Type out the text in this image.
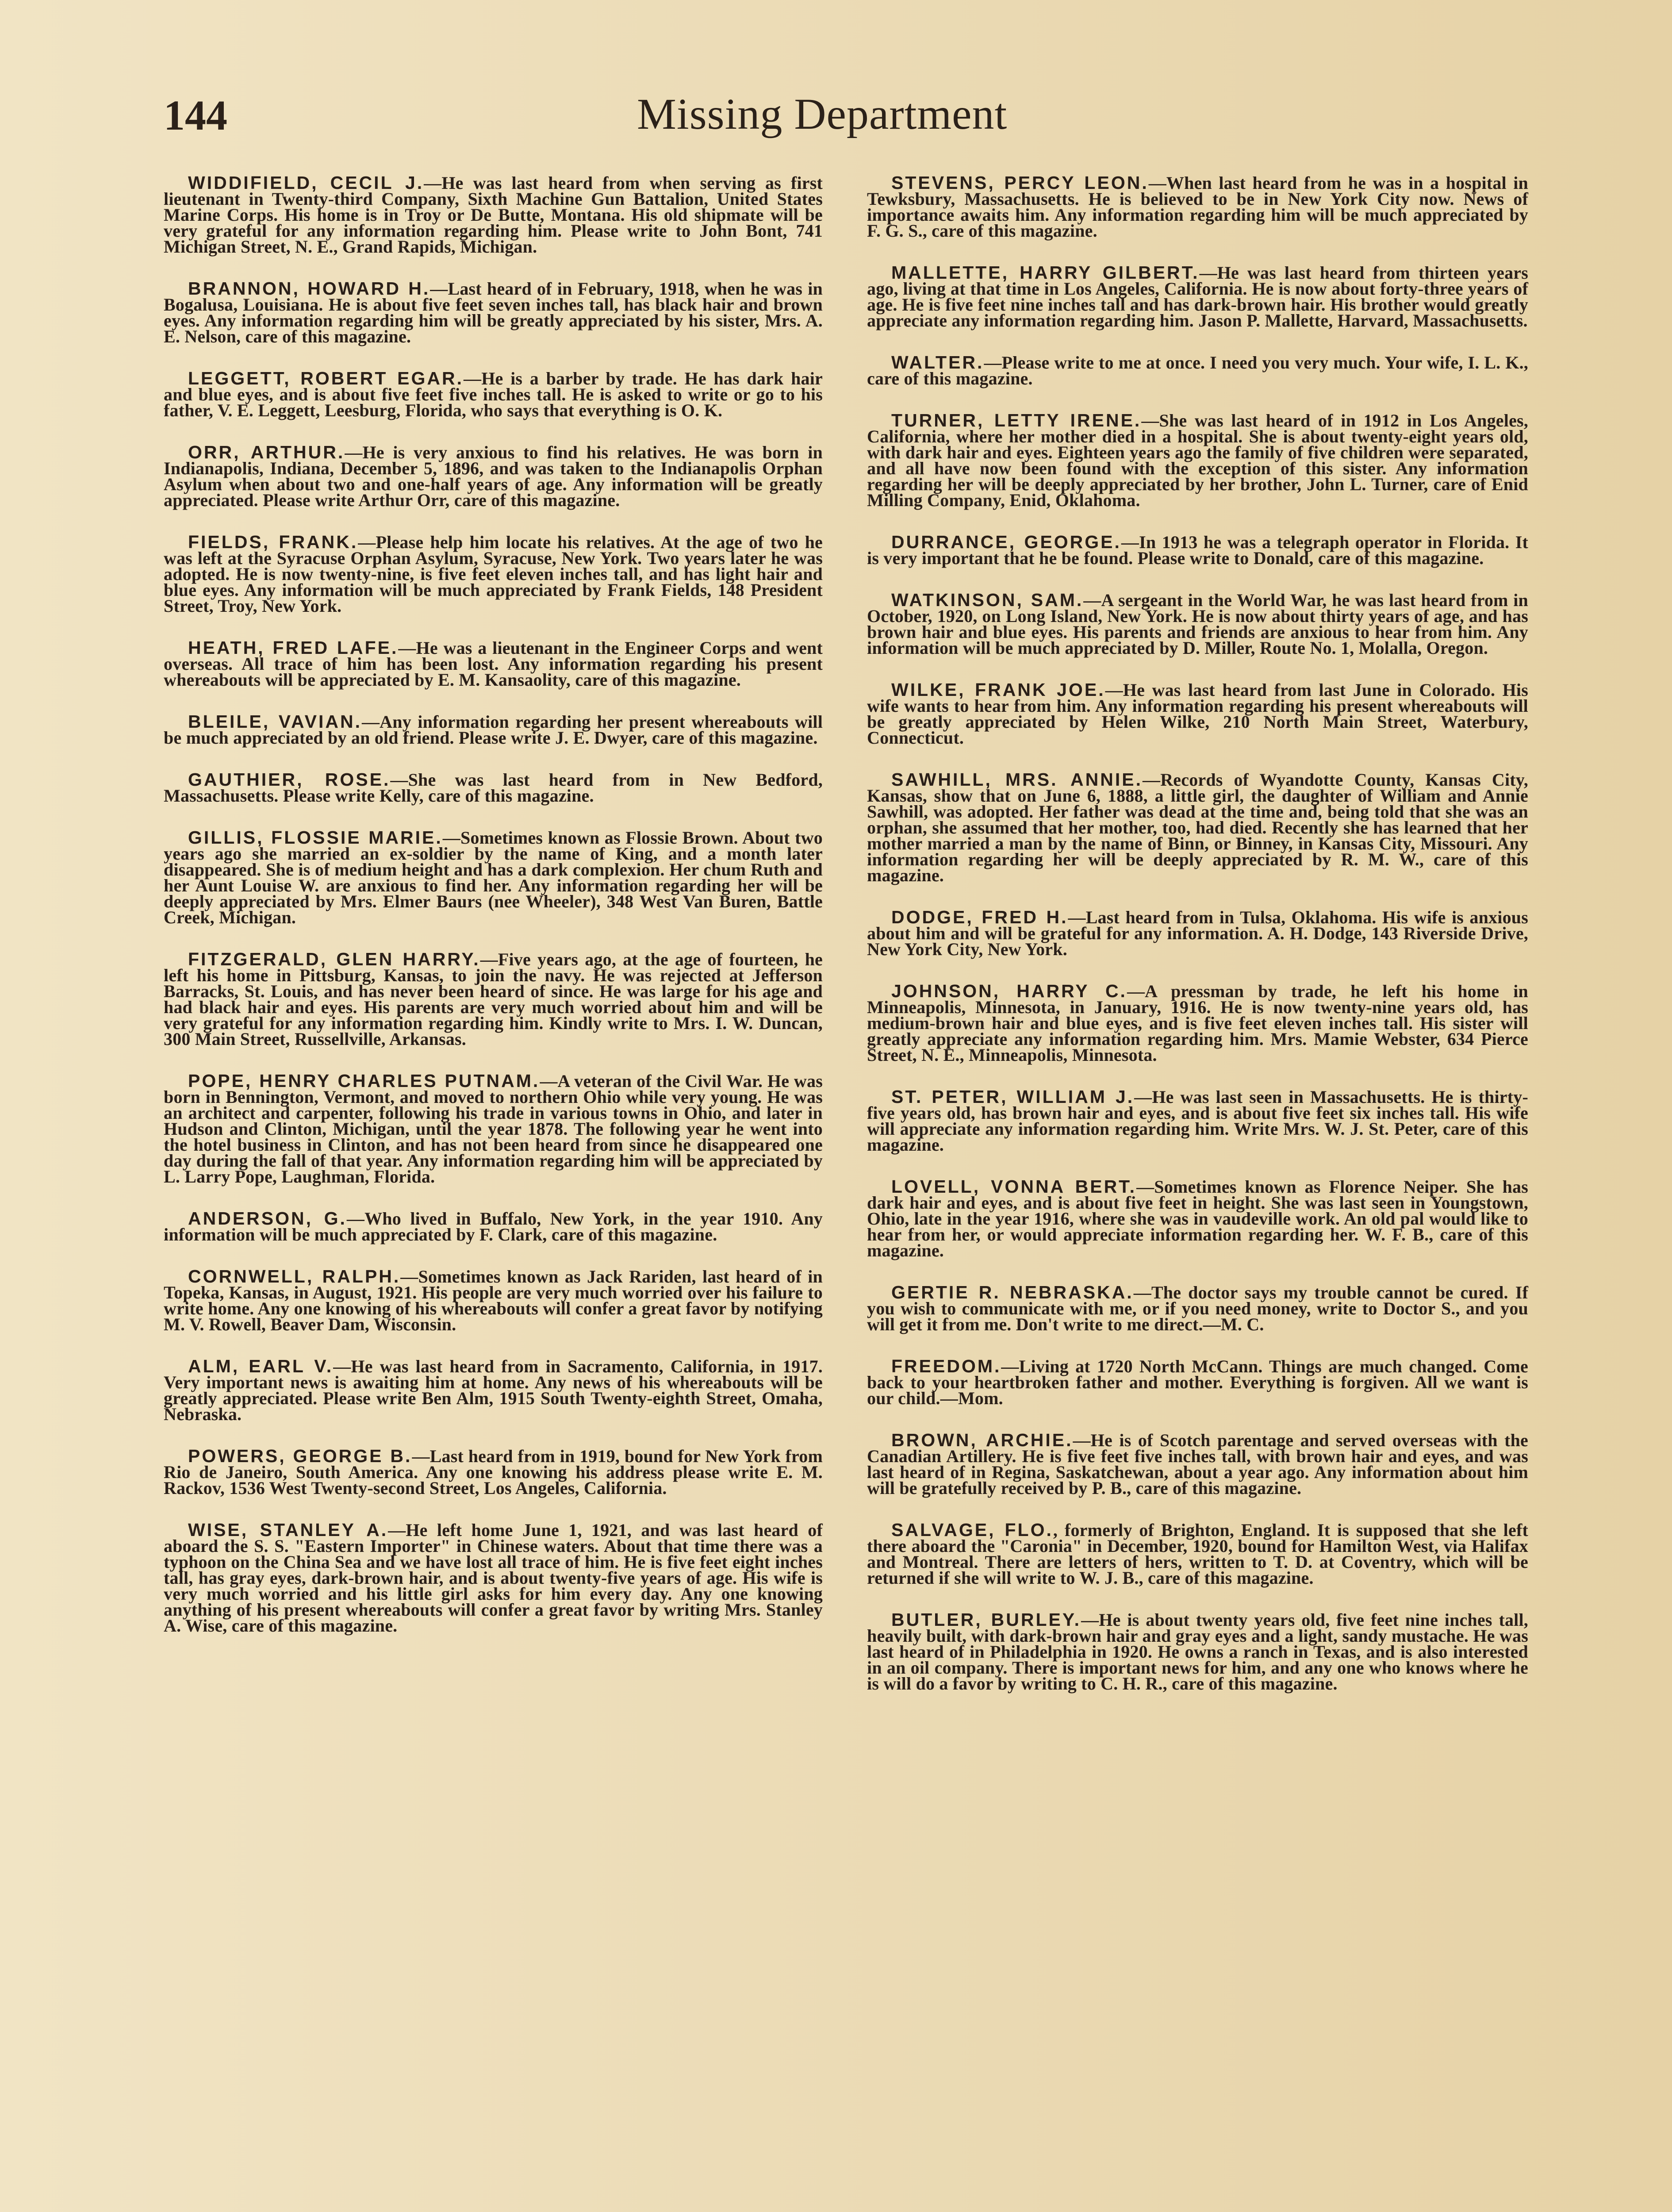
144	Missing Department

WIDDIFIELD, CECIL J.—He was last heard from when serving as first lieutenant in Twenty-third Company, Sixth Machine Gun Battalion, United States Marine Corps. His home is in Troy or De Butte, Montana. His old shipmate will be very grateful for any information regarding him. Please write to John Bont, 741 Michigan Street, N. E., Grand Rapids, Michigan.

BRANNON, HOWARD H.—Last heard of in February, 1918, when he was in Bogalusa, Louisiana. He is about five feet seven inches tall, has black hair and brown eyes. Any information regarding him will be greatly appreciated by his sister, Mrs. A. E. Nelson, care of this magazine.

LEGGETT, ROBERT EGAR.—He is a barber by trade. He has dark hair and blue eyes, and is about five feet five inches tall. He is asked to write or go to his father, V. E. Leggett, Leesburg, Florida, who says that everything is O. K.

ORR, ARTHUR.—He is very anxious to find his relatives. He was born in Indianapolis, Indiana, December 5, 1896, and was taken to the Indianapolis Orphan Asylum when about two and one-half years of age. Any information will be greatly appreciated. Please write Arthur Orr, care of this magazine.

FIELDS, FRANK.—Please help him locate his relatives. At the age of two he was left at the Syracuse Orphan Asylum, Syracuse, New York. Two years later he was adopted. He is now twenty-nine, is five feet eleven inches tall, and has light hair and blue eyes. Any information will be much appreciated by Frank Fields, 148 President Street, Troy, New York.

HEATH, FRED LAFE.—He was a lieutenant in the Engineer Corps and went overseas. All trace of him has been lost. Any information regarding his present whereabouts will be appreciated by E. M. Kansaolity, care of this magazine.

BLEILE, VAVIAN.—Any information regarding her present whereabouts will be much appreciated by an old friend. Please write J. E. Dwyer, care of this magazine.

GAUTHIER, ROSE.—She was last heard from in New Bedford, Massachusetts. Please write Kelly, care of this magazine.

GILLIS, FLOSSIE MARIE.—Sometimes known as Flossie Brown. About two years ago she married an ex-soldier by the name of King, and a month later disappeared. She is of medium height and has a dark complexion. Her chum Ruth and her Aunt Louise W. are anxious to find her. Any information regarding her will be deeply appreciated by Mrs. Elmer Baurs (nee Wheeler), 348 West Van Buren, Battle Creek, Michigan.

FITZGERALD, GLEN HARRY.—Five years ago, at the age of fourteen, he left his home in Pittsburg, Kansas, to join the navy. He was rejected at Jefferson Barracks, St. Louis, and has never been heard of since. He was large for his age and had black hair and eyes. His parents are very much worried about him and will be very grateful for any information regarding him. Kindly write to Mrs. I. W. Duncan, 300 Main Street, Russellville, Arkansas.

POPE, HENRY CHARLES PUTNAM.—A veteran of the Civil War. He was born in Bennington, Vermont, and moved to northern Ohio while very young. He was an architect and carpenter, following his trade in various towns in Ohio, and later in Hudson and Clinton, Michigan, until the year 1878. The following year he went into the hotel business in Clinton, and has not been heard from since he disappeared one day during the fall of that year. Any information regarding him will be appreciated by L. Larry Pope, Laughman, Florida.

ANDERSON, G.—Who lived in Buffalo, New York, in the year 1910. Any information will be much appreciated by F. Clark, care of this magazine.

CORNWELL, RALPH.—Sometimes known as Jack Rariden, last heard of in Topeka, Kansas, in August, 1921. His people are very much worried over his failure to write home. Any one knowing of his whereabouts will confer a great favor by notifying M. V. Rowell, Beaver Dam, Wisconsin.

ALM, EARL V.—He was last heard from in Sacramento, California, in 1917. Very important news is awaiting him at home. Any news of his whereabouts will be greatly appreciated. Please write Ben Alm, 1915 South Twenty-eighth Street, Omaha, Nebraska.

POWERS, GEORGE B.—Last heard from in 1919, bound for New York from Rio de Janeiro, South America. Any one knowing his address please write E. M. Rackov, 1536 West Twenty-second Street, Los Angeles, California.

WISE, STANLEY A.—He left home June 1, 1921, and was last heard of aboard the S. S. "Eastern Importer" in Chinese waters. About that time there was a typhoon on the China Sea and we have lost all trace of him. He is five feet eight inches tall, has gray eyes, dark-brown hair, and is about twenty-five years of age. His wife is very much worried and his little girl asks for him every day. Any one knowing anything of his present whereabouts will confer a great favor by writing Mrs. Stanley A. Wise, care of this magazine.

STEVENS, PERCY LEON.—When last heard from he was in a hospital in Tewksbury, Massachusetts. He is believed to be in New York City now. News of importance awaits him. Any information regarding him will be much appreciated by F. G. S., care of this magazine.

MALLETTE, HARRY GILBERT.—He was last heard from thirteen years ago, living at that time in Los Angeles, California. He is now about forty-three years of age. He is five feet nine inches tall and has dark-brown hair. His brother would greatly appreciate any information regarding him. Jason P. Mallette, Harvard, Massachusetts.

WALTER.—Please write to me at once. I need you very much. Your wife, I. L. K., care of this magazine.

TURNER, LETTY IRENE.—She was last heard of in 1912 in Los Angeles, California, where her mother died in a hospital. She is about twenty-eight years old, with dark hair and eyes. Eighteen years ago the family of five children were separated, and all have now been found with the exception of this sister. Any information regarding her will be deeply appreciated by her brother, John L. Turner, care of Enid Milling Company, Enid, Oklahoma.

DURRANCE, GEORGE.—In 1913 he was a telegraph operator in Florida. It is very important that he be found. Please write to Donald, care of this magazine.

WATKINSON, SAM.—A sergeant in the World War, he was last heard from in October, 1920, on Long Island, New York. He is now about thirty years of age, and has brown hair and blue eyes. His parents and friends are anxious to hear from him. Any information will be much appreciated by D. Miller, Route No. 1, Molalla, Oregon.

WILKE, FRANK JOE.—He was last heard from last June in Colorado. His wife wants to hear from him. Any information regarding his present whereabouts will be greatly appreciated by Helen Wilke, 210 North Main Street, Waterbury, Connecticut.

SAWHILL, MRS. ANNIE.—Records of Wyandotte County, Kansas City, Kansas, show that on June 6, 1888, a little girl, the daughter of William and Annie Sawhill, was adopted. Her father was dead at the time and, being told that she was an orphan, she assumed that her mother, too, had died. Recently she has learned that her mother married a man by the name of Binn, or Binney, in Kansas City, Missouri. Any information regarding her will be deeply appreciated by R. M. W., care of this magazine.

DODGE, FRED H.—Last heard from in Tulsa, Oklahoma. His wife is anxious about him and will be grateful for any information. A. H. Dodge, 143 Riverside Drive, New York City, New York.

JOHNSON, HARRY C.—A pressman by trade, he left his home in Minneapolis, Minnesota, in January, 1916. He is now twenty-nine years old, has medium-brown hair and blue eyes, and is five feet eleven inches tall. His sister will greatly appreciate any information regarding him. Mrs. Mamie Webster, 634 Pierce Street, N. E., Minneapolis, Minnesota.

ST. PETER, WILLIAM J.—He was last seen in Massachusetts. He is thirty-five years old, has brown hair and eyes, and is about five feet six inches tall. His wife will appreciate any information regarding him. Write Mrs. W. J. St. Peter, care of this magazine.

LOVELL, VONNA BERT.—Sometimes known as Florence Neiper. She has dark hair and eyes, and is about five feet in height. She was last seen in Youngstown, Ohio, late in the year 1916, where she was in vaudeville work. An old pal would like to hear from her, or would appreciate information regarding her. W. F. B., care of this magazine.

GERTIE R. NEBRASKA.—The doctor says my trouble cannot be cured. If you wish to communicate with me, or if you need money, write to Doctor S., and you will get it from me. Don't write to me direct.—M. C.

FREEDOM.—Living at 1720 North McCann. Things are much changed. Come back to your heartbroken father and mother. Everything is forgiven. All we want is our child.—Mom.

BROWN, ARCHIE.—He is of Scotch parentage and served overseas with the Canadian Artillery. He is five feet five inches tall, with brown hair and eyes, and was last heard of in Regina, Saskatchewan, about a year ago. Any information about him will be gratefully received by P. B., care of this magazine.

SALVAGE, FLO., formerly of Brighton, England. It is supposed that she left there aboard the "Caronia" in December, 1920, bound for Hamilton West, via Halifax and Montreal. There are letters of hers, written to T. D. at Coventry, which will be returned if she will write to W. J. B., care of this magazine.

BUTLER, BURLEY.—He is about twenty years old, five feet nine inches tall, heavily built, with dark-brown hair and gray eyes and a light, sandy mustache. He was last heard of in Philadelphia in 1920. He owns a ranch in Texas, and is also interested in an oil company. There is important news for him, and any one who knows where he is will do a favor by writing to C. H. R., care of this magazine.
